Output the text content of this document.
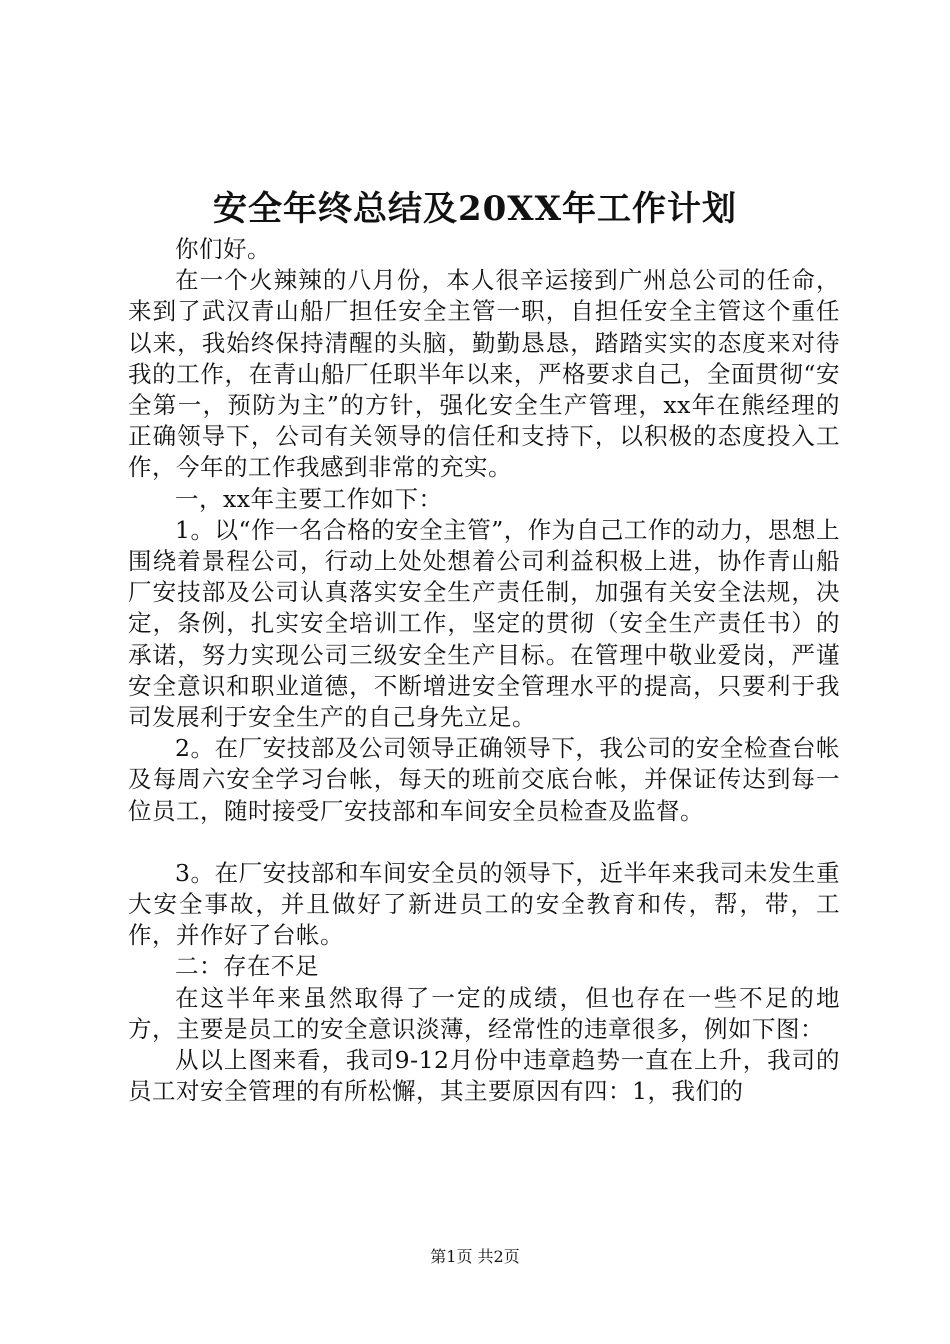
安全年终总结及20XX年工作计划

你们好。

在一个火辣辣的八月份，本人很辛运接到广州总公司的任命，来到了武汉青山船厂担任安全主管一职，自担任安全主管这个重任以来，我始终保持清醒的头脑，勤勤恳恳，踏踏实实的态度来对待我的工作，在青山船厂任职半年以来，严格要求自己，全面贯彻“安全第一，预防为主”的方针，强化安全生产管理，xx年在熊经理的正确领导下，公司有关领导的信任和支持下，以积极的态度投入工作，今年的工作我感到非常的充实。

一，xx年主要工作如下：

1。以“作一名合格的安全主管”，作为自己工作的动力，思想上围绕着景程公司，行动上处处想着公司利益积极上进，协作青山船厂安技部及公司认真落实安全生产责任制，加强有关安全法规，决定，条例，扎实安全培训工作，坚定的贯彻（安全生产责任书）的承诺，努力实现公司三级安全生产目标。在管理中敬业爱岗，严谨安全意识和职业道德，不断增进安全管理水平的提高，只要利于我司发展利于安全生产的自己身先立足。

2。在厂安技部及公司领导正确领导下，我公司的安全检查台帐及每周六安全学习台帐，每天的班前交底台帐，并保证传达到每一位员工，随时接受厂安技部和车间安全员检查及监督。

3。在厂安技部和车间安全员的领导下，近半年来我司未发生重大安全事故，并且做好了新进员工的安全教育和传，帮，带，工作，并作好了台帐。

二：存在不足

在这半年来虽然取得了一定的成绩，但也存在一些不足的地方，主要是员工的安全意识淡薄，经常性的违章很多，例如下图：

从以上图来看，我司9-12月份中违章趋势一直在上升，我司的员工对安全管理的有所松懈，其主要原因有四：1，我们的

第1页 共2页
